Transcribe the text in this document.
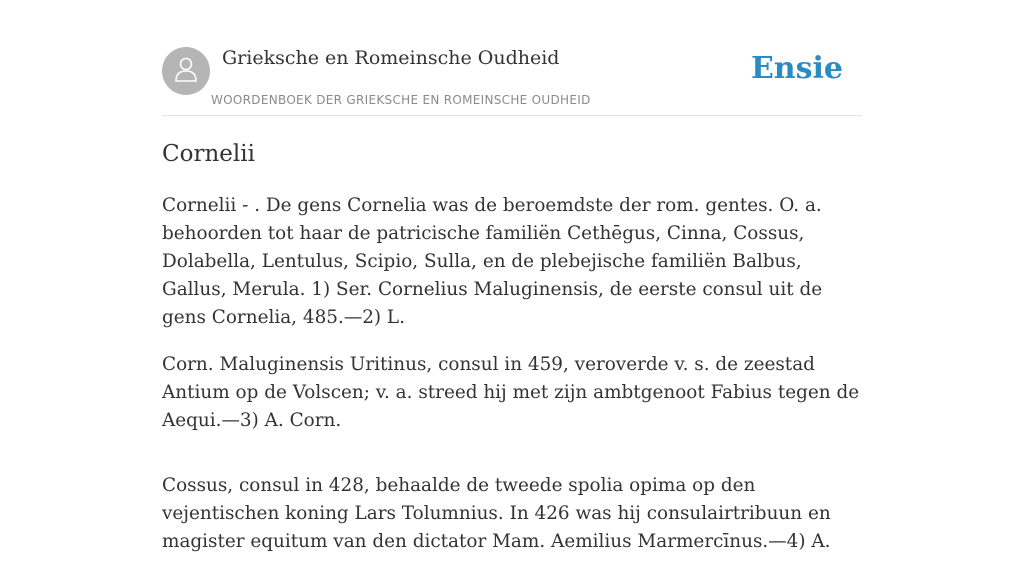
Grieksche en Romeinsche Oudheid
WOORDENBOEK DER GRIEKSCHE EN ROMEINSCHE OUDHEID
Ensie
Cornelii

Cornelii - . De gens Cornelia was de beroemdste der rom. gentes. O. a. behoorden tot haar de patricische familiën Cethēgus, Cinna, Cossus, Dolabella, Lentulus, Scipio, Sulla, en de plebejische familiën Balbus, Gallus, Merula. 1) Ser. Cornelius Maluginensis, de eerste consul uit de gens Cornelia, 485.—2) L.

Corn. Maluginensis Uritinus, consul in 459, veroverde v. s. de zeestad Antium op de Volscen; v. a. streed hij met zijn ambtgenoot Fabius tegen de Aequi.—3) A. Corn.

Cossus, consul in 428, behaalde de tweede spolia opima op den vejentischen koning Lars Tolumnius. In 426 was hij consulairtribuun en magister equitum van den dictator Mam. Aemilius Marmercīnus.—4) A.
